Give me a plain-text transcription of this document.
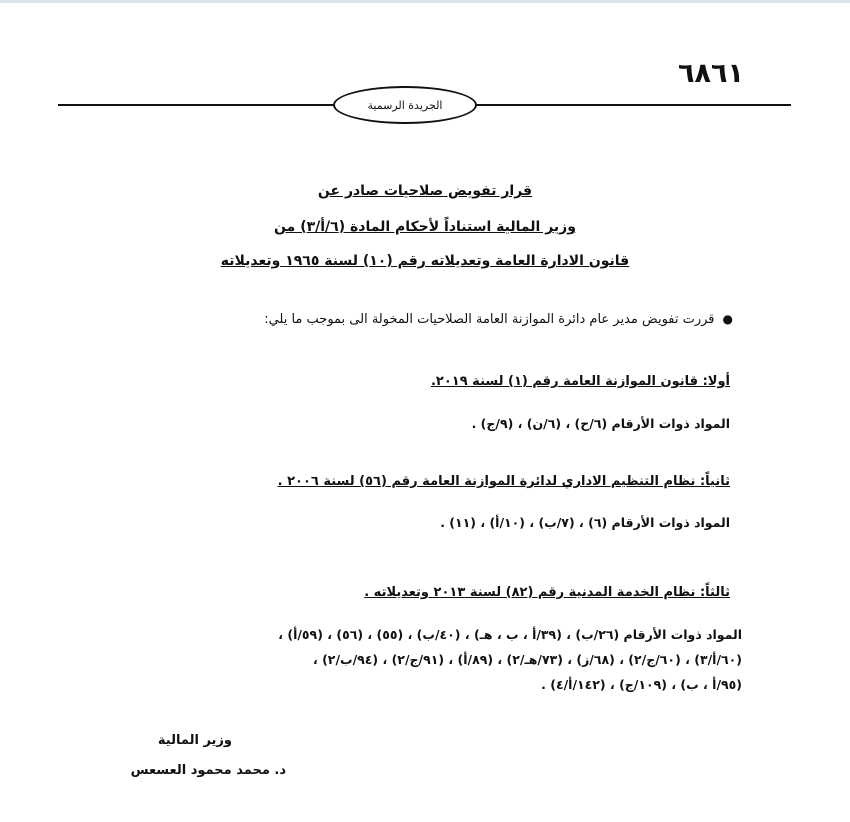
٦٨٦١
الجريدة الرسمية
قرار تفويض صلاحيات صادر عن
وزير المالية استناداً لأحكام المادة (٦/أ/٣) من
قانون الادارة العامة وتعديلاته رقم (١٠) لسنة ١٩٦٥ وتعديلاته
●قررت تفويض مدير عام دائرة الموازنة العامة الصلاحيات المخولة الى بموجب ما يلي:
أولا: قانون الموازنة العامة رقم (١) لسنة ٢٠١٩.
المواد ذوات الأرقام (٦/ح) ، (٦/ن) ، (٩/ج) .
ثانياً: نظام التنظيم الاداري لدائرة الموازنة العامة رقم (٥٦) لسنة ٢٠٠٦ .
المواد ذوات الأرقام (٦) ، (٧/ب) ، (١٠/أ) ، (١١) .
ثالثاً: نظام الخدمة المدنية رقم (٨٢) لسنة ٢٠١٣ وتعديلاته .
المواد ذوات الأرقام (٢٦/ب) ، (٣٩/أ ، ب ، هـ) ، (٤٠/ب) ، (٥٥) ، (٥٦) ، (٥٩/أ) ،
(٦٠/أ/٣) ، (٦٠/ج/٢) ، (٦٨/ز) ، (٧٣/هـ/٢) ، (٨٩/أ) ، (٩١/ج/٢) ، (٩٤/ب/٢) ،
(٩٥/أ ، ب) ، (١٠٩/ج) ، (١٤٢/أ/٤) .
وزير المالية
د. محمد محمود العسعس
